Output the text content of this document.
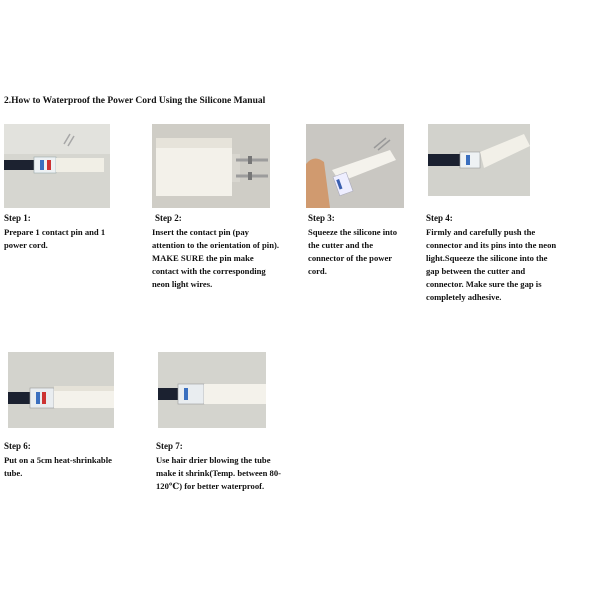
2.How to Waterproof the Power Cord Using the Silicone Manual
Step 1:
Prepare 1 contact pin and 1
power cord.
Step 2:
Insert the contact pin (pay
attention to the orientation of pin).
MAKE SURE the pin make
contact with the corresponding
neon light wires.
Step 3:
Squeeze the silicone into
the cutter and the
connector of the power
cord.
Step 4:
Firmly and carefully push the
connector and its pins into the neon
light.Squeeze the silicone into the
gap between the cutter and
connector. Make sure the gap is
completely adhesive.
Step 6:
Put on a 5cm heat-shrinkable
tube.
Step 7:
Use hair drier blowing the tube
make it shrink(Temp. between 80-
120℃) for better waterproof.
